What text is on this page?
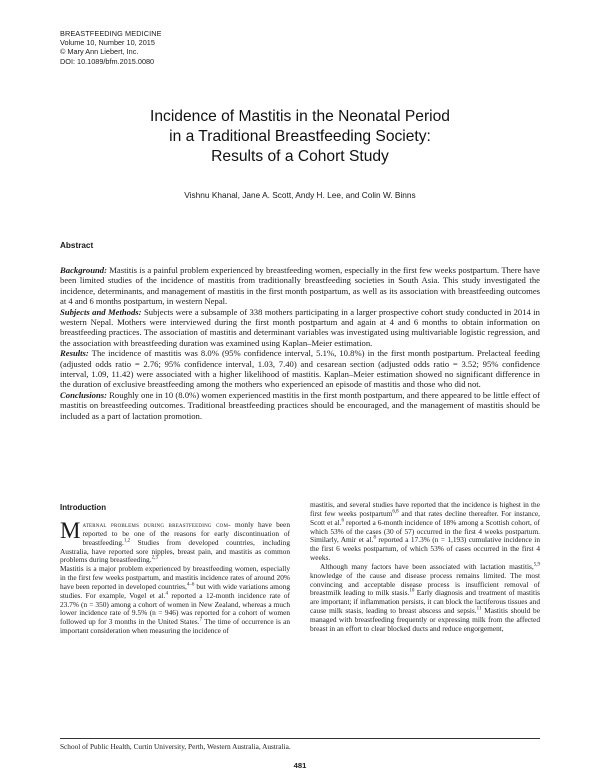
BREASTFEEDING MEDICINE
Volume 10, Number 10, 2015
© Mary Ann Liebert, Inc.
DOI: 10.1089/bfm.2015.0080
Incidence of Mastitis in the Neonatal Period
in a Traditional Breastfeeding Society:
Results of a Cohort Study
Vishnu Khanal, Jane A. Scott, Andy H. Lee, and Colin W. Binns
Abstract

Background: Mastitis is a painful problem experienced by breastfeeding women, especially in the first few weeks postpartum. There have been limited studies of the incidence of mastitis from traditionally breastfeeding societies in South Asia. This study investigated the incidence, determinants, and management of mastitis in the first month postpartum, as well as its association with breastfeeding outcomes at 4 and 6 months postpartum, in western Nepal.

Subjects and Methods: Subjects were a subsample of 338 mothers participating in a larger prospective cohort study conducted in 2014 in western Nepal. Mothers were interviewed during the first month postpartum and again at 4 and 6 months to obtain information on breastfeeding practices. The association of mastitis and determinant variables was investigated using multivariable logistic regression, and the association with breastfeeding duration was examined using Kaplan–Meier estimation.

Results: The incidence of mastitis was 8.0% (95% confidence interval, 5.1%, 10.8%) in the first month postpartum. Prelacteal feeding (adjusted odds ratio = 2.76; 95% confidence interval, 1.03, 7.40) and cesarean section (adjusted odds ratio = 3.52; 95% confidence interval, 1.09, 11.42) were associated with a higher likelihood of mastitis. Kaplan–Meier estimation showed no significant difference in the duration of exclusive breastfeeding among the mothers who experienced an episode of mastitis and those who did not.

Conclusions: Roughly one in 10 (8.0%) women experienced mastitis in the first month postpartum, and there appeared to be little effect of mastitis on breastfeeding outcomes. Traditional breastfeeding practices should be encouraged, and the management of mastitis should be included as a part of lactation promotion.

Introduction

Maternal problems during breastfeeding com- monly have been reported to be one of the reasons for early discontinuation of breastfeeding.$^{1,2}$ Studies from developed countries, including Australia, have reported sore nipples, breast pain, and mastitis as common problems during breastfeeding.$^{2,3}$

Mastitis is a major problem experienced by breastfeeding women, especially in the first few weeks postpartum, and mastitis incidence rates of around 20% have been reported in developed countries,$^{4-6}$ but with wide variations among studies. For example, Vogel et al.$^4$ reported a 12-month incidence rate of 23.7% (n = 350) among a cohort of women in New Zealand, whereas a much lower incidence rate of 9.5% (n = 946) was reported for a cohort of women followed up for 3 months in the United States.$^7$ The time of occurrence is an important consideration when measuring the incidence of

mastitis, and several studies have reported that the incidence is highest in the first few weeks postpartum$^{6,8}$ and that rates decline thereafter. For instance, Scott et al.$^6$ reported a 6-month incidence of 18% among a Scottish cohort, of which 53% of the cases (30 of 57) occurred in the first 4 weeks postpartum. Similarly, Amir et al.$^8$ reported a 17.3% (n = 1,193) cumulative incidence in the first 6 weeks postpartum, of which 53% of cases occurred in the first 4 weeks.

Although many factors have been associated with lactation mastitis,$^{5,9}$ knowledge of the cause and disease process remains limited. The most convincing and acceptable disease process is insufficient removal of breastmilk leading to milk stasis.$^{10}$ Early diagnosis and treatment of mastitis are important; if inflammation persists, it can block the lactiferous tissues and cause milk stasis, leading to breast abscess and sepsis.$^{11}$ Mastitis should be managed with breastfeeding frequently or expressing milk from the affected breast in an effort to clear blocked ducts and reduce engorgement,

School of Public Health, Curtin University, Perth, Western Australia, Australia.
481
